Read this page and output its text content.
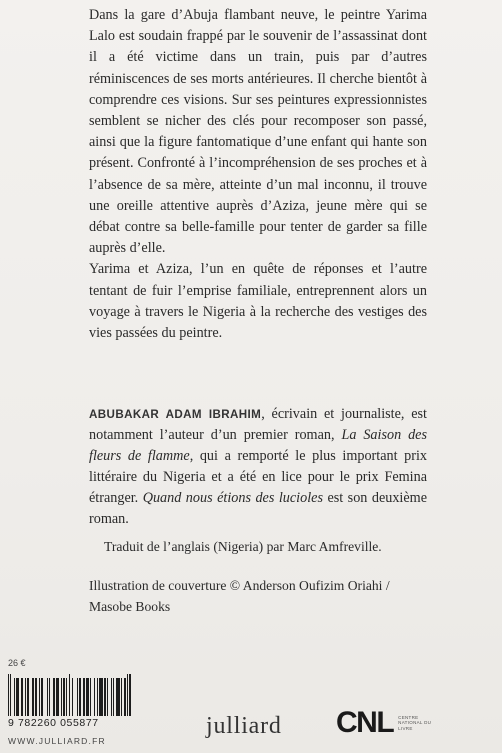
Dans la gare d’Abuja flambant neuve, le peintre Yarima Lalo est soudain frappé par le souvenir de l’assassinat dont il a été victime dans un train, puis par d’autres réminiscences de ses morts antérieures. Il cherche bientôt à comprendre ces visions. Sur ses peintures expressionnistes semblent se nicher des clés pour recomposer son passé, ainsi que la figure fantomatique d’une enfant qui hante son présent. Confronté à l’incompréhension de ses proches et à l’absence de sa mère, atteinte d’un mal inconnu, il trouve une oreille attentive auprès d’Aziza, jeune mère qui se débat contre sa belle-famille pour tenter de garder sa fille auprès d’elle.

Yarima et Aziza, l’un en quête de réponses et l’autre tentant de fuir l’emprise familiale, entreprennent alors un voyage à travers le Nigeria à la recherche des vestiges des vies passées du peintre.

ABUBAKAR ADAM IBRAHIM, écrivain et journaliste, est notamment l’auteur d’un premier roman, La Saison des fleurs de flamme, qui a remporté le plus important prix littéraire du Nigeria et a été en lice pour le prix Femina étranger. Quand nous étions des lucioles est son deuxième roman.
Traduit de l’anglais (Nigeria) par Marc Amfreville.
Illustration de couverture © Anderson Oufizim Oriahi / Masobe Books
26 €
9 782260 055877
WWW.JULLIARD.FR
julliard CNL CENTRE NATIONAL DU LIVRE
